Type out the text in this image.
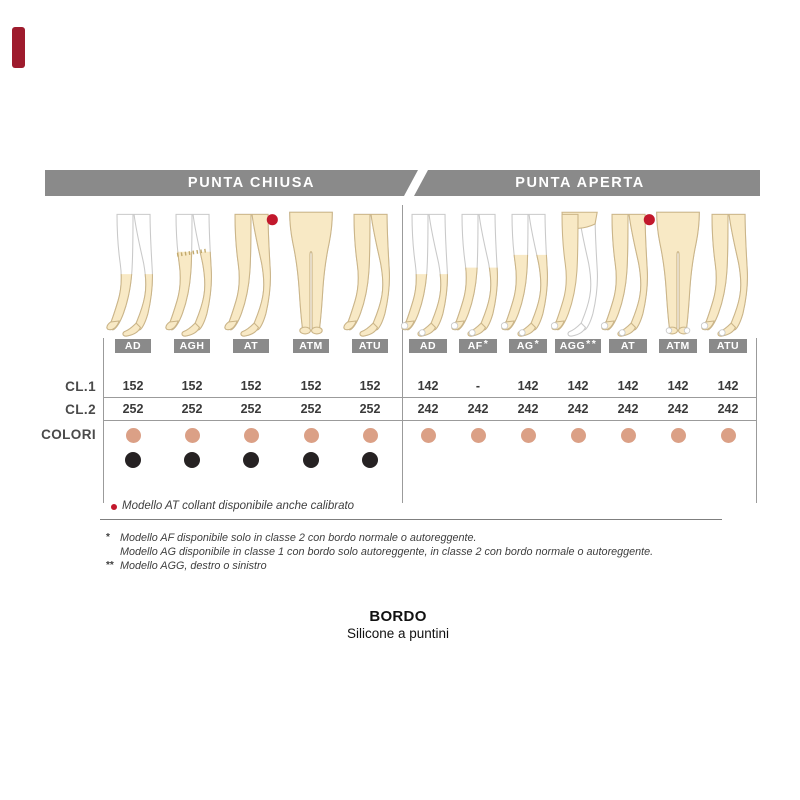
PUNTA CHIUSA	PUNTA APERTA
CL.1
CL.2
COLORI
AD
152
252
AGH
152
252
AT
152
252
ATM
152
252
ATU
152
252
AD
142
242
AF *
-
242
AG *
142
242
AGG * *
142
242
AT
142
242
ATM
142
242
ATU
142
242
Modello AT collant disponibile anche calibrato
* Modello AF disponibile solo in classe 2 con bordo normale o autoreggente.
Modello AG disponibile in classe 1 con bordo solo autoreggente, in classe 2 con bordo normale o autoreggente.
** Modello AGG, destro o sinistro
BORDO
Silicone a puntini
